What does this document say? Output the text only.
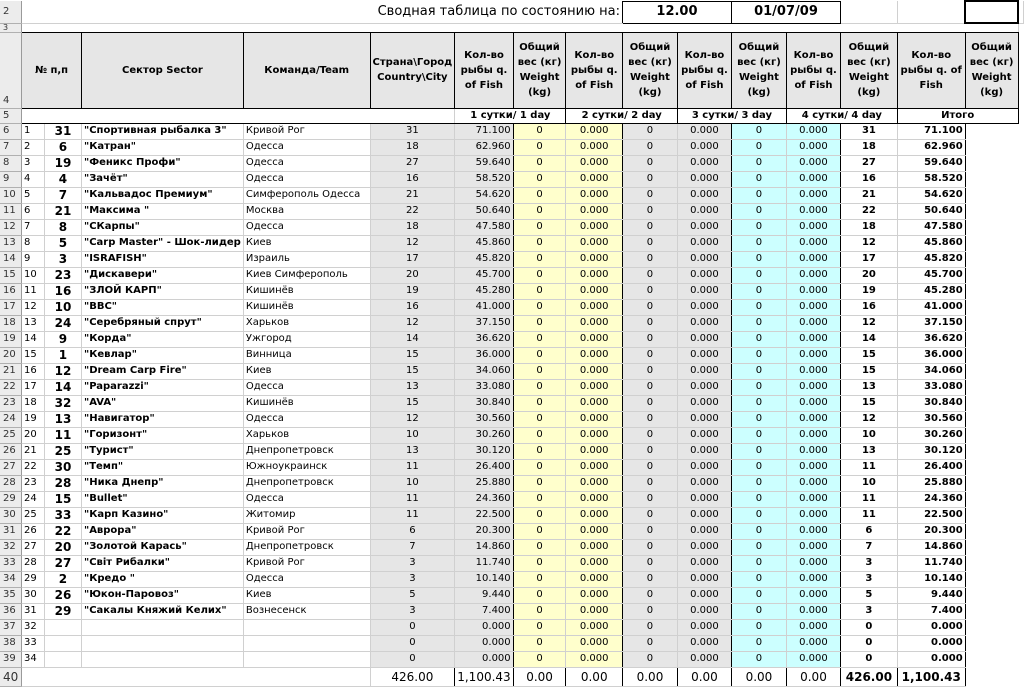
2	Сводная таблица по состоянию на:								12.00		01/07/09					
3																
4	№ п,п		Сектор Sector	Команда/Team	Страна\Город Country\City	Кол-во рыбы q. of Fish	Общий вес (кг) Weight (kg)	Кол-во рыбы q. of Fish	Общий вес (кг) Weight (kg)	Кол-во рыбы q. of Fish	Общий вес (кг) Weight (kg)	Кол-во рыбы q. of Fish	Общий вес (кг) Weight (kg)	Кол-во рыбы q. of Fish	Общий вес (кг) Weight (kg)	
5						1 сутки/ 1 day		2 сутки/ 2 day		3 сутки/ 3 day		4 сутки/ 4 day		Итого		
6	1	31	"Спортивная рыбалка 3"	Кривой Рог	31	71.100	0	0.000	0	0.000	0	0.000	31	71.100		
7	2	6	"Катран"	Одесса	18	62.960	0	0.000	0	0.000	0	0.000	18	62.960		
8	3	19	"Феникс Профи"	Одесса	27	59.640	0	0.000	0	0.000	0	0.000	27	59.640		
9	4	4	"Зачёт"	Одесса	16	58.520	0	0.000	0	0.000	0	0.000	16	58.520		
10	5	7	"Кальвадос Премиум"	Симферополь Одесса	21	54.620	0	0.000	0	0.000	0	0.000	21	54.620		
11	6	21	"Максима "	Москва	22	50.640	0	0.000	0	0.000	0	0.000	22	50.640		
12	7	8	"СКарпы"	Одесса	18	47.580	0	0.000	0	0.000	0	0.000	18	47.580		
13	8	5	"Carp Master" - Шок-лидер	Киев	12	45.860	0	0.000	0	0.000	0	0.000	12	45.860		
14	9	3	"ISRAFISH"	Израиль	17	45.820	0	0.000	0	0.000	0	0.000	17	45.820		
15	10	23	"Дискавери"	Киев Симферополь	20	45.700	0	0.000	0	0.000	0	0.000	20	45.700		
16	11	16	"ЗЛОЙ КАРП"	Кишинёв	19	45.280	0	0.000	0	0.000	0	0.000	19	45.280		
17	12	10	"BBC"	Кишинёв	16	41.000	0	0.000	0	0.000	0	0.000	16	41.000		
18	13	24	"Серебряный спрут"	Харьков	12	37.150	0	0.000	0	0.000	0	0.000	12	37.150		
19	14	9	"Корда"	Ужгород	14	36.620	0	0.000	0	0.000	0	0.000	14	36.620		
20	15	1	"Кевлар"	Винница	15	36.000	0	0.000	0	0.000	0	0.000	15	36.000		
21	16	12	"Dream Carp Fire"	Киев	15	34.060	0	0.000	0	0.000	0	0.000	15	34.060		
22	17	14	"Paparazzi"	Одесса	13	33.080	0	0.000	0	0.000	0	0.000	13	33.080		
23	18	32	"AVA"	Кишинёв	15	30.840	0	0.000	0	0.000	0	0.000	15	30.840		
24	19	13	"Навигатор"	Одесса	12	30.560	0	0.000	0	0.000	0	0.000	12	30.560		
25	20	11	"Горизонт"	Харьков	10	30.260	0	0.000	0	0.000	0	0.000	10	30.260		
26	21	25	"Турист"	Днепропетровск	13	30.120	0	0.000	0	0.000	0	0.000	13	30.120		
27	22	30	"Темп"	Южноукраинск	11	26.400	0	0.000	0	0.000	0	0.000	11	26.400		
28	23	28	"Ника Днепр"	Днепропетровск	10	25.880	0	0.000	0	0.000	0	0.000	10	25.880		
29	24	15	"Bullet"	Одесса	11	24.360	0	0.000	0	0.000	0	0.000	11	24.360		
30	25	33	"Карп Казино"	Житомир	11	22.500	0	0.000	0	0.000	0	0.000	11	22.500		
31	26	22	"Аврора"	Кривой Рог	6	20.300	0	0.000	0	0.000	0	0.000	6	20.300		
32	27	20	"Золотой Карась"	Днепропетровск	7	14.860	0	0.000	0	0.000	0	0.000	7	14.860		
33	28	27	"Світ Рибалки"	Кривой Рог	3	11.740	0	0.000	0	0.000	0	0.000	3	11.740		
34	29	2	"Кредо "	Одесса	3	10.140	0	0.000	0	0.000	0	0.000	3	10.140		
35	30	26	"Юкон-Паровоз"	Киев	5	9.440	0	0.000	0	0.000	0	0.000	5	9.440		
36	31	29	"Сакалы Княжий Келих"	Вознесенск	3	7.400	0	0.000	0	0.000	0	0.000	3	7.400		
37	32				0	0.000	0	0.000	0	0.000	0	0.000	0	0.000		
38	33				0	0.000	0	0.000	0	0.000	0	0.000	0	0.000		
39	34				0	0.000	0	0.000	0	0.000	0	0.000	0	0.000		
40					426.00	1,100.43	0.00	0.00	0.00	0.00	0.00	0.00	426.00	1,100.43		
